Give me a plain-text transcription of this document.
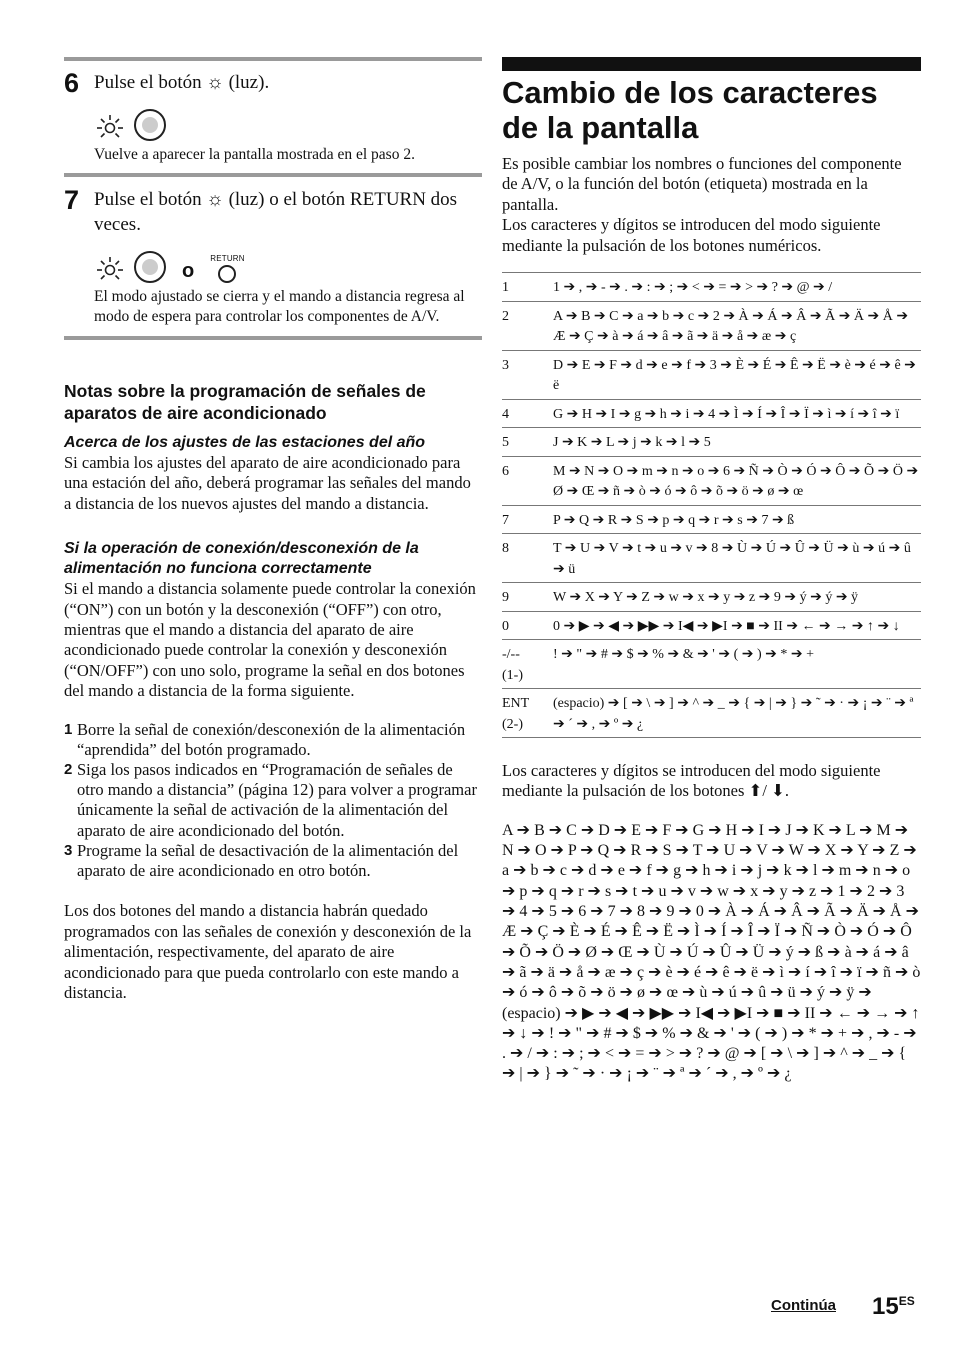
6 Pulse el botón ☼ (luz).
Vuelve a aparecer la pantalla mostrada en el paso 2.
7 Pulse el botón ☼ (luz) o el botón RETURN dos veces.
o
RETURN
El modo ajustado se cierra y el mando a distancia regresa al modo de espera para controlar los componentes de A/V.
Notas sobre la programación de señales de aparatos de aire acondicionado
Acerca de los ajustes de las estaciones del año
Si cambia los ajustes del aparato de aire acondicionado para una estación del año, deberá programar las señales del mando a distancia de los nuevos ajustes del mando a distancia.
Si la operación de conexión/desconexión de la alimentación no funciona correctamente
Si el mando a distancia solamente puede controlar la conexión (“ON”) con un botón y la desconexión (“OFF”) con otro, mientras que el mando a distancia del aparato de aire acondicionado puede controlar la conexión y desconexión (“ON/OFF”) con uno solo, programe la señal en dos botones del mando a distancia de la forma siguiente.
1 Borre la señal de conexión/desconexión de la alimentación “aprendida” del botón programado.
2 Siga los pasos indicados en “Programación de señales de otro mando a distancia” (página 12) para volver a programar únicamente la señal de activación de la alimentación del aparato de aire acondicionado del botón.
3 Programe la señal de desactivación de la alimentación del aparato de aire acondicionado en otro botón.
Los dos botones del mando a distancia habrán quedado programados con las señales de conexión y desconexión de la alimentación, respectivamente, del aparato de aire acondicionado para que pueda controlarlo con este mando a distancia.
Cambio de los caracteres de la pantalla
Es posible cambiar los nombres o funciones del componente de A/V, o la función del botón (etiqueta) mostrada en la pantalla.
Los caracteres y dígitos se introducen del modo siguiente mediante la pulsación de los botones numéricos.
1	1 ➔ , ➔ - ➔ . ➔ : ➔ ; ➔ < ➔ = ➔ > ➔ ? ➔ @ ➔ /
2	A ➔ B ➔ C ➔ a ➔ b ➔ c ➔ 2 ➔ À ➔ Á ➔ Â ➔ Ã ➔ Ä ➔ Å ➔ Æ ➔ Ç ➔ à ➔ á ➔ â ➔ ã ➔ ä ➔ å ➔ æ ➔ ç
3	D ➔ E ➔ F ➔ d ➔ e ➔ f ➔ 3 ➔ È ➔ É ➔ Ê ➔ Ë ➔ è ➔ é ➔ ê ➔ ë
4	G ➔ H ➔ I ➔ g ➔ h ➔ i ➔ 4 ➔ Ì ➔ Í ➔ Î ➔ Ï ➔ ì ➔ í ➔ î ➔ ï
5	J ➔ K ➔ L ➔ j ➔ k ➔ l ➔ 5
6	M ➔ N ➔ O ➔ m ➔ n ➔ o ➔ 6 ➔ Ñ ➔ Ò ➔ Ó ➔ Ô ➔ Õ ➔ Ö ➔ Ø ➔ Œ ➔ ñ ➔ ò ➔ ó ➔ ô ➔ õ ➔ ö ➔ ø ➔ œ
7	P ➔ Q ➔ R ➔ S ➔ p ➔ q ➔ r ➔ s ➔ 7 ➔ ß
8	T ➔ U ➔ V ➔ t ➔ u ➔ v ➔ 8 ➔ Ù ➔ Ú ➔ Û ➔ Ü ➔ ù ➔ ú ➔ û ➔ ü
9	W ➔ X ➔ Y ➔ Z ➔ w ➔ x ➔ y ➔ z ➔ 9 ➔ ý ➔ ý ➔ ÿ
0	0 ➔ ▶ ➔ ◀ ➔ ▶▶ ➔ I◀ ➔ ▶I ➔ ■ ➔ II ➔ ← ➔ → ➔ ↑ ➔ ↓
-/--
(1-)	! ➔ " ➔ # ➔ $ ➔ % ➔ & ➔ ' ➔ ( ➔ ) ➔ * ➔ +
ENT
(2-)	(espacio) ➔ [ ➔ \ ➔ ] ➔ ^ ➔ _ ➔ { ➔ | ➔ } ➔ ˜ ➔ · ➔ ¡ ➔ ¨ ➔ ª ➔ ´ ➔ , ➔ º ➔ ¿
Los caracteres y dígitos se introducen del modo siguiente mediante la pulsación de los botones ⬆/ ⬇.
A ➔ B ➔ C ➔ D ➔ E ➔ F ➔ G ➔ H ➔ I ➔ J ➔ K ➔ L ➔ M ➔ N ➔ O ➔ P ➔ Q ➔ R ➔ S ➔ T ➔ U ➔ V ➔ W ➔ X ➔ Y ➔ Z ➔ a ➔ b ➔ c ➔ d ➔ e ➔ f ➔ g ➔ h ➔ i ➔ j ➔ k ➔ l ➔ m ➔ n ➔ o ➔ p ➔ q ➔ r ➔ s ➔ t ➔ u ➔ v ➔ w ➔ x ➔ y ➔ z ➔ 1 ➔ 2 ➔ 3 ➔ 4 ➔ 5 ➔ 6 ➔ 7 ➔ 8 ➔ 9 ➔ 0 ➔ À ➔ Á ➔ Â ➔ Ã ➔ Ä ➔ Å ➔ Æ ➔ Ç ➔ È ➔ É ➔ Ê ➔ Ë ➔ Ì ➔ Í ➔ Î ➔ Ï ➔ Ñ ➔ Ò ➔ Ó ➔ Ô ➔ Õ ➔ Ö ➔ Ø ➔ Œ ➔ Ù ➔ Ú ➔ Û ➔ Ü ➔ ý ➔ ß ➔ à ➔ á ➔ â ➔ ã ➔ ä ➔ å ➔ æ ➔ ç ➔ è ➔ é ➔ ê ➔ ë ➔ ì ➔ í ➔ î ➔ ï ➔ ñ ➔ ò ➔ ó ➔ ô ➔ õ ➔ ö ➔ ø ➔ œ ➔ ù ➔ ú ➔ û ➔ ü ➔ ý ➔ ÿ ➔ (espacio) ➔ ▶ ➔ ◀ ➔ ▶▶ ➔ I◀ ➔ ▶I ➔ ■ ➔ II ➔ ← ➔ → ➔ ↑ ➔ ↓ ➔ ! ➔ " ➔ # ➔ $ ➔ % ➔ & ➔ ' ➔ ( ➔ ) ➔ * ➔ + ➔ , ➔ - ➔ . ➔ / ➔ : ➔ ; ➔ < ➔ = ➔ > ➔ ? ➔ @ ➔ [ ➔ \ ➔ ] ➔ ^ ➔ _ ➔ { ➔ | ➔ } ➔ ˜ ➔ · ➔ ¡ ➔ ¨ ➔ ª ➔ ´ ➔ , ➔ º ➔ ¿
Continúa $15^{ES}$
